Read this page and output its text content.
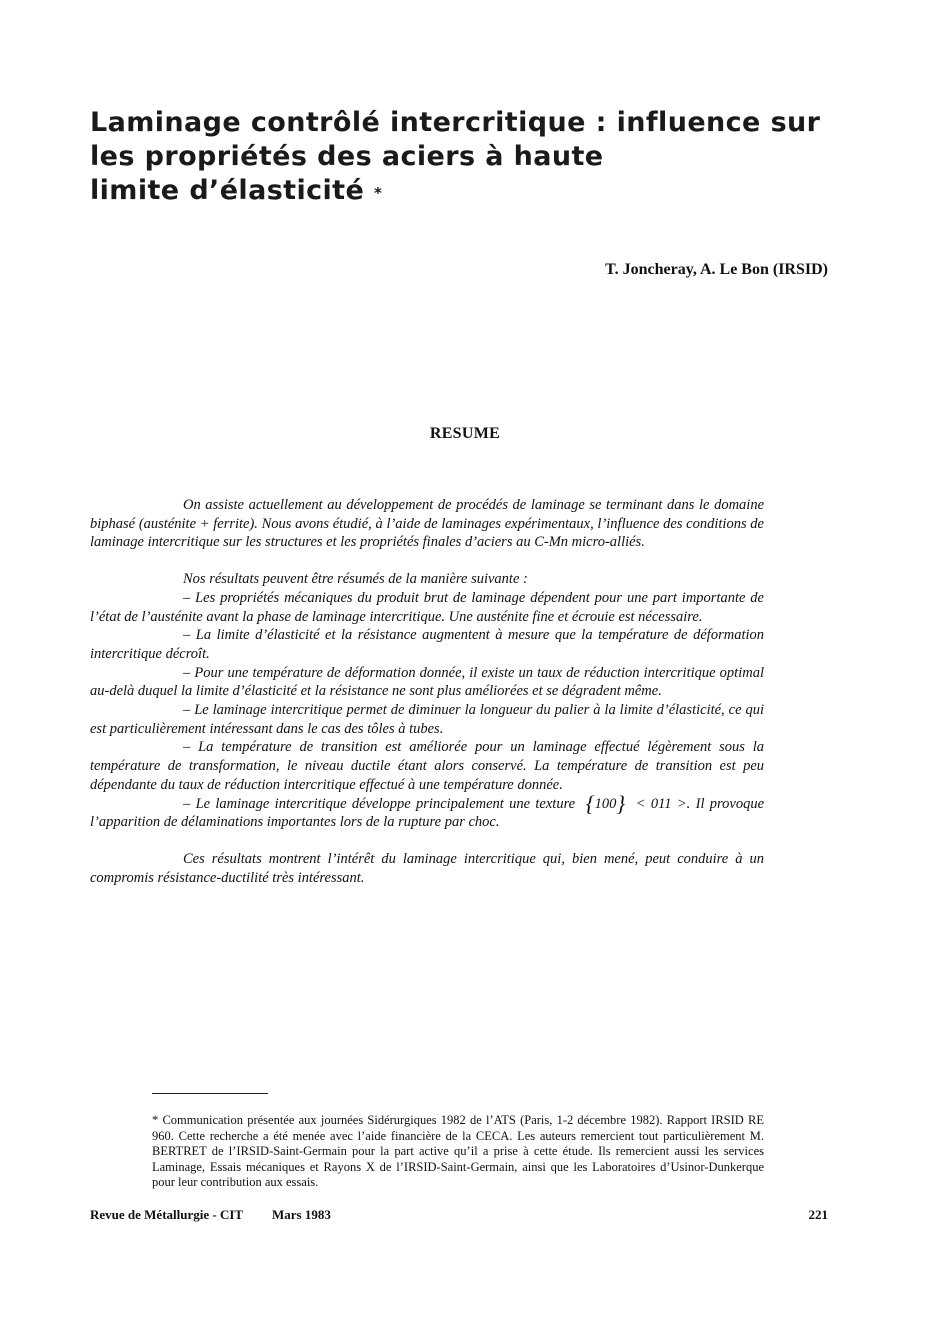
Laminage contrôlé intercritique : influence sur
les propriétés des aciers à haute
limite d’élasticité *
T. Joncheray, A. Le Bon (IRSID)
RESUME

On assiste actuellement au développement de procédés de laminage se terminant dans le domaine biphasé (austénite + ferrite). Nous avons étudié, à l’aide de laminages expérimentaux, l’influence des conditions de laminage intercritique sur les structures et les propriétés finales d’aciers au C-Mn micro-alliés.

Nos résultats peuvent être résumés de la manière suivante :

– Les propriétés mécaniques du produit brut de laminage dépendent pour une part importante de l’état de l’austénite avant la phase de laminage intercritique. Une austénite fine et écrouie est nécessaire.

– La limite d’élasticité et la résistance augmentent à mesure que la température de déformation intercritique décroît.

– Pour une température de déformation donnée, il existe un taux de réduction intercritique optimal au-delà duquel la limite d’élasticité et la résistance ne sont plus améliorées et se dégradent même.

– Le laminage intercritique permet de diminuer la longueur du palier à la limite d’élasticité, ce qui est particulièrement intéressant dans le cas des tôles à tubes.

– La température de transition est améliorée pour un laminage effectué légèrement sous la température de transformation, le niveau ductile étant alors conservé. La température de transition est peu dépendante du taux de réduction intercritique effectué à une température donnée.

– Le laminage intercritique développe principalement une texture {100} < 011 >. Il provoque l’apparition de délaminations importantes lors de la rupture par choc.

Ces résultats montrent l’intérêt du laminage intercritique qui, bien mené, peut conduire à un compromis résistance-ductilité très intéressant.

* Communication présentée aux journées Sidérurgiques 1982 de l’ATS (Paris, 1-2 décembre 1982). Rapport IRSID RE 960. Cette recherche a été menée avec l’aide financière de la CECA. Les auteurs remercient tout particulièrement M. BERTRET de l’IRSID-Saint-Germain pour la part active qu’il a prise à cette étude. Ils remercient aussi les services Laminage, Essais mécaniques et Rayons X de l’IRSID-Saint-Germain, ainsi que les Laboratoires d’Usinor-Dunkerque pour leur contribution aux essais.

Revue de Métallurgie - CIT Mars 1983	221
